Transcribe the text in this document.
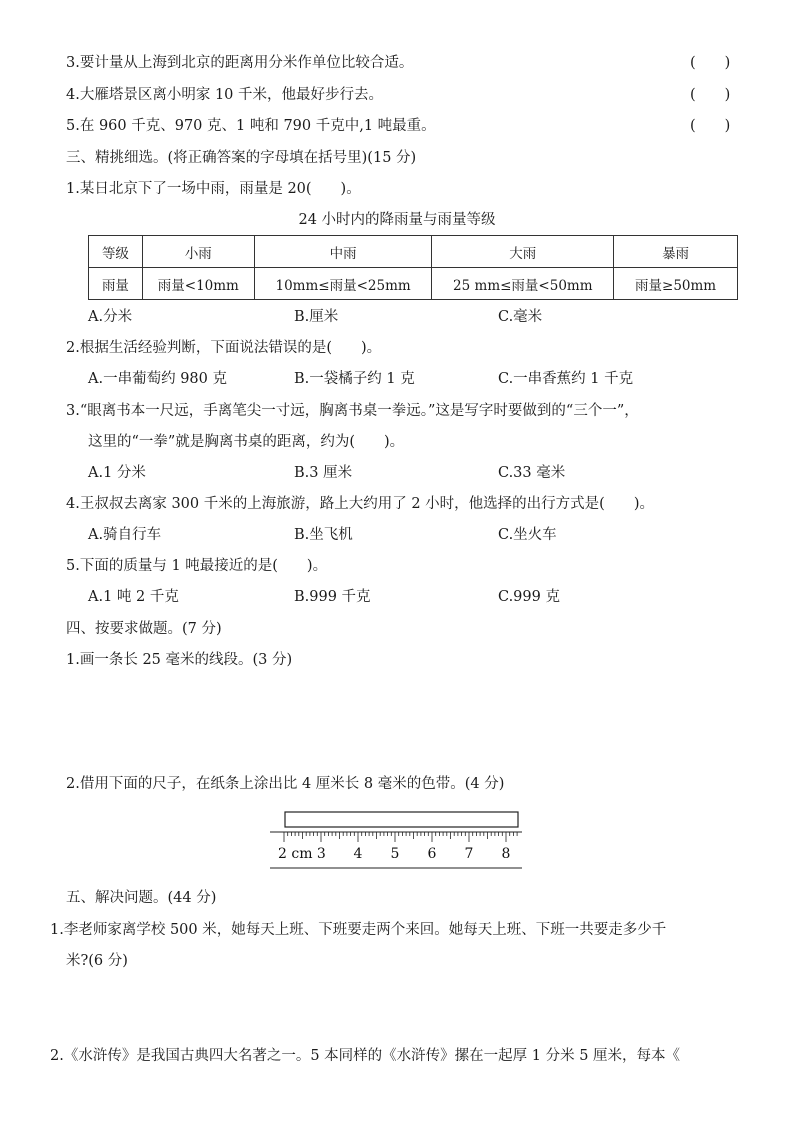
3.要计量从上海到北京的距离用分米作单位比较合适。	(　　)
4.大雁塔景区离小明家 10 千米，他最好步行去。	(　　)
5.在 960 千克、970 克、1 吨和 790 千克中,1 吨最重。	(　　)
三、精挑细选。(将正确答案的字母填在括号里)(15 分)
1.某日北京下了一场中雨，雨量是 20(　　)。
24 小时内的降雨量与雨量等级
等级	小雨	中雨	大雨	暴雨
雨量	雨量<10mm	10mm≤雨量<25mm	25 mm≤雨量<50mm	雨量≥50mm
A.分米	B.厘米	C.毫米
2.根据生活经验判断，下面说法错误的是(　　)。
A.一串葡萄约 980 克	B.一袋橘子约 1 克	C.一串香蕉约 1 千克
3.“眼离书本一尺远，手离笔尖一寸远，胸离书桌一拳远。”这是写字时要做到的“三个一”，
这里的“一拳”就是胸离书桌的距离，约为(　　)。
A.1 分米	B.3 厘米	C.33 毫米
4.王叔叔去离家 300 千米的上海旅游，路上大约用了 2 小时，他选择的出行方式是(　　)。
A.骑自行车	B.坐飞机	C.坐火车
5.下面的质量与 1 吨最接近的是(　　)。
A.1 吨 2 千克	B.999 千克	C.999 克
四、按要求做题。(7 分)
1.画一条长 25 毫米的线段。(3 分)
2.借用下面的尺子，在纸条上涂出比 4 厘米长 8 毫米的色带。(4 分)
2 cm 3 4 5 6 7 8
五、解决问题。(44 分)
1.李老师家离学校 500 米，她每天上班、下班要走两个来回。她每天上班、下班一共要走多少千
米?(6 分)
2.《水浒传》是我国古典四大名著之一。5 本同样的《水浒传》摞在一起厚 1 分米 5 厘米，每本《
